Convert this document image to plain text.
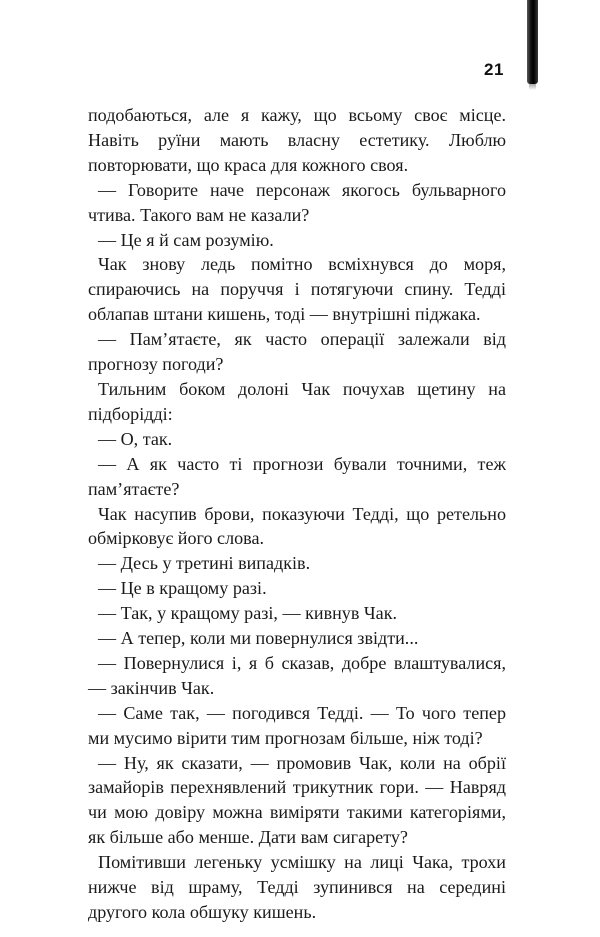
21

подобаються, але я кажу, що всьому своє місце. Навіть руїни мають власну естетику. Люблю повторювати, що краса для кожного своя.

— Говорите наче персонаж якогось бульварного чтива. Такого вам не казали?

— Це я й сам розумію.

Чак знову ледь помітно всміхнувся до моря, спираючись на поруччя і потягуючи спину. Тедді облапав штани кишень, тоді — внутрішні піджака.

— Пам’ятаєте, як часто операції залежали від прогнозу погоди?

Тильним боком долоні Чак почухав щетину на підборідді:

— О, так.

— А як часто ті прогнози бували точними, теж пам’ятаєте?

Чак насупив брови, показуючи Тедді, що ретельно обмірковує його слова.

— Десь у третині випадків.

— Це в кращому разі.

— Так, у кращому разі, — кивнув Чак.

— А тепер, коли ми повернулися звідти...

— Повернулися і, я б сказав, добре влаштувалися, — закінчив Чак.

— Саме так, — погодився Тедді. — То чого тепер ми мусимо вірити тим прогнозам більше, ніж тоді?

— Ну, як сказати, — промовив Чак, коли на обрії замайорів перехнявлений трикутник гори. — Навряд чи мою довіру можна виміряти такими категоріями, як більше або менше. Дати вам сигарету?

Помітивши легеньку усмішку на лиці Чака, трохи нижче від шраму, Тедді зупинився на середині другого кола обшуку кишень.
